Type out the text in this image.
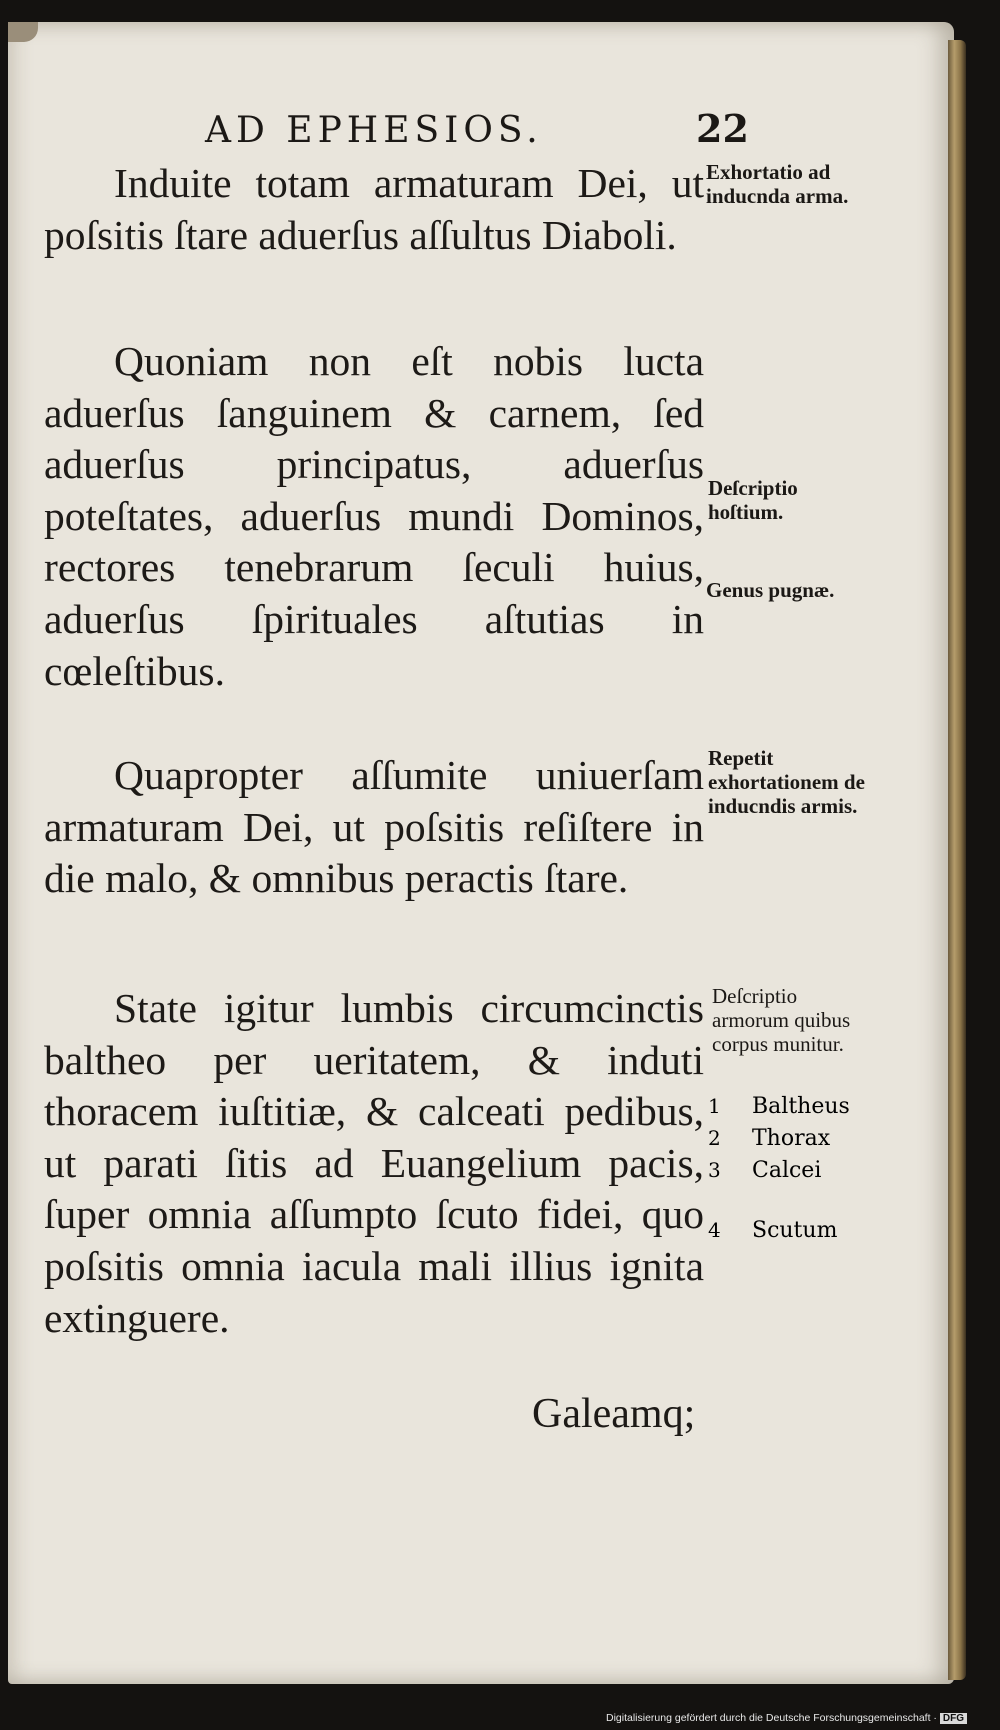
AD EPHESIOS.	22

Induite totam armaturam Dei, ut poſsitis ſtare aduerſus aſſultus Diaboli.

Quoniam non eſt nobis lucta aduerſus ſanguinem & carnem, ſed aduerſus principatus, aduerſus poteſtates, aduerſus mundi Dominos, rectores tenebrarum ſeculi huius, aduerſus ſpirituales aſtutias in cœleſtibus.

Quapropter aſſumite uniuerſam armaturam Dei, ut poſsitis reſiſtere in die malo, & omnibus peractis ſtare.

State igitur lumbis circumcinctis baltheo per ueritatem, & induti thoracem iuſtitiæ, & calceati pedibus, ut parati ſitis ad Euangelium pacis, ſuper omnia aſſumpto ſcuto fidei, quo poſsitis omnia iacula mali illius ignita extinguere.

Exhortatio ad inducnda arma.

Deſcriptio hoſtium.

Genus pugnæ.

Repetit exhortationem de inducndis armis.

Deſcriptio armorum quibus corpus munitur.

1 Baltheus
2 Thorax
3 Calcei
4 Scutum
Galeamq;
Digitalisierung gefördert durch die Deutsche Forschungsgemeinschaft · DFG
